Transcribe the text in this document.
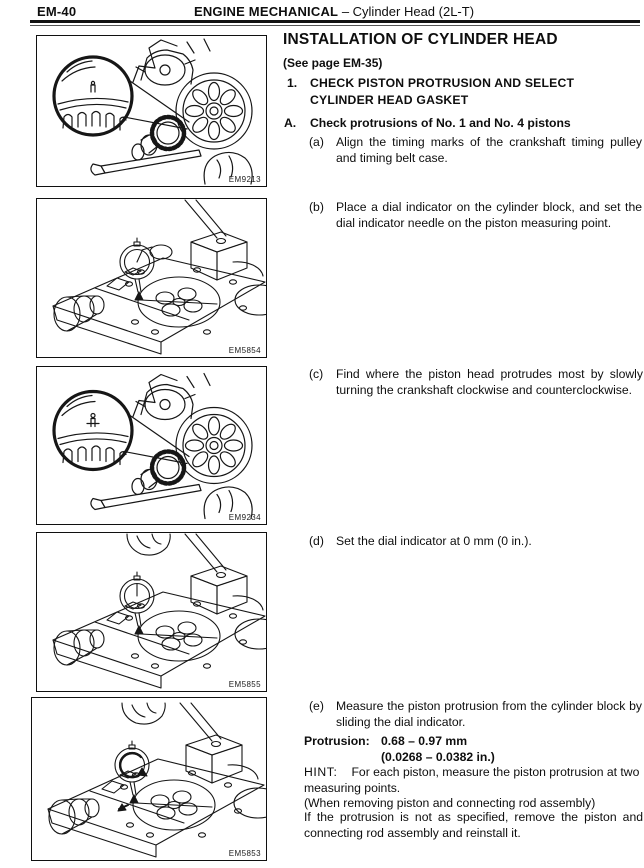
EM-40	ENGINE MECHANICAL – Cylinder Head (2L-T)
EM9213
EM5854
EM9234
EM5855
EM5853
INSTALLATION OF CYLINDER HEAD
(See page EM-35)
1. CHECK PISTON PROTRUSION AND SELECT CYLINDER HEAD GASKET
A. Check protrusions of No. 1 and No. 4 pistons
(a) Align the timing marks of the crankshaft timing pulley and timing belt case.
(b) Place a dial indicator on the cylinder block, and set the dial indicator needle on the piston measuring point.
(c)	Find where the piston head protrudes most by slowly turning the crankshaft clockwise and counterclockwise.
(d) Set the dial indicator at 0 mm (0 in.).
(e) Measure the piston protrusion from the cylinder block by sliding the dial indicator.
Protrusion: 0.68 – 0.97 mm
(0.0268 – 0.0382 in.)
HINT: For each piston, measure the piston protrusion at two measuring points.
(When removing piston and connecting rod assembly)
If the protrusion is not as specified, remove the piston and connecting rod assembly and reinstall it.
